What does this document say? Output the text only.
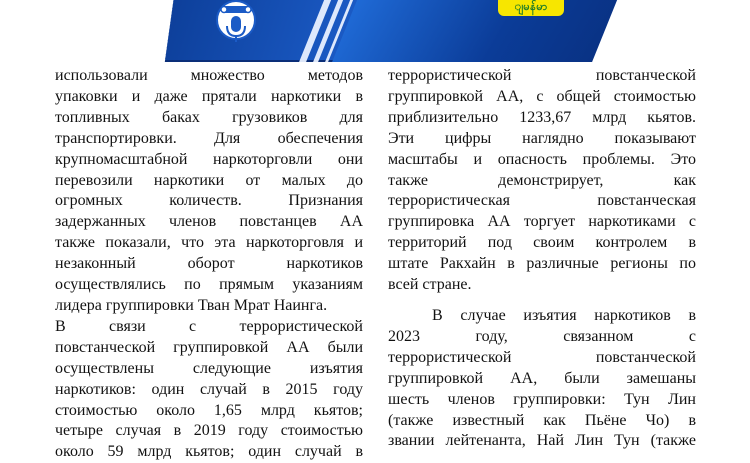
ျမန်မာ

использовали множество методов
упаковки и даже прятали наркотики в
топливных баках грузовиков для
транспортировки. Для обеспечения
крупномасштабной наркоторговли они
перевозили наркотики от малых до
огромных количеств. Признания
задержанных членов повстанцев АА
также показали, что эта наркоторговля и
незаконный оборот наркотиков
осуществлялись по прямым указаниям
лидера группировки Тван Мрат Наинга.
В связи с террористической
повстанческой группировкой АА были
осуществлены следующие изъятия
наркотиков: один случай в 2015 году
стоимостью около 1,65 млрд кьятов;
четыре случая в 2019 году стоимостью
около 59 млрд кьятов; один случай в

террористической повстанческой
группировкой АА, с общей стоимостью
приблизительно 1233,67 млрд кьятов.
Эти цифры наглядно показывают
масштабы и опасность проблемы. Это
также демонстрирует, как
террористическая повстанческая
группировка АА торгует наркотиками с
территорий под своим контролем в
штате Ракхайн в различные регионы по
всей стране.

В случае изъятия наркотиков в
2023 году, связанном с
террористической повстанческой
группировкой АА, были замешаны
шесть членов группировки: Тун Лин
(также известный как Пьёне Чо) в
звании лейтенанта, Най Лин Тун (также
